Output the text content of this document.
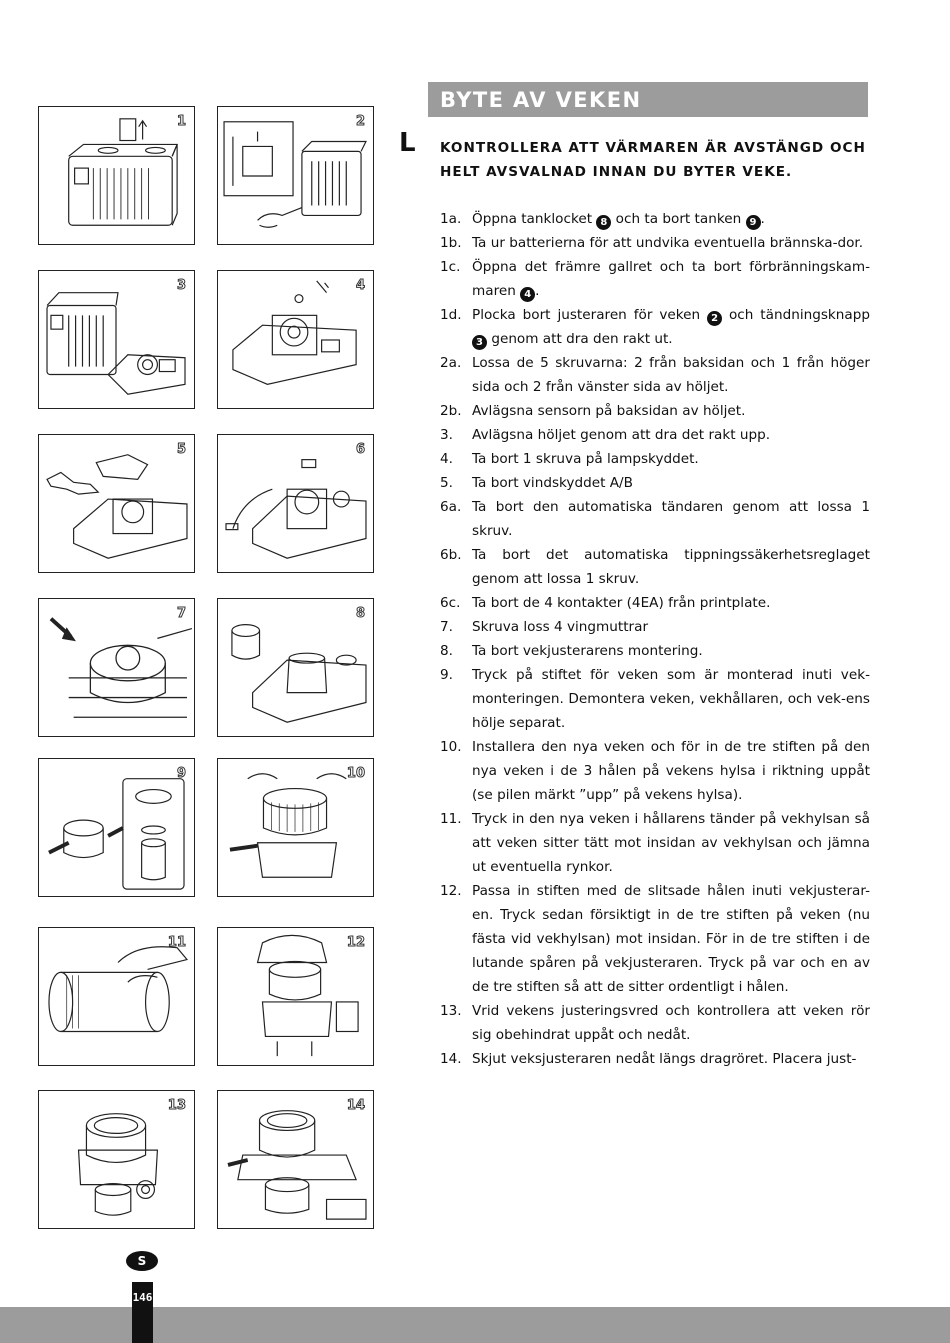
1	2
3	4
5	6
7	8
9	10
11	12
13	14
BYTE AV VEKEN
L KONTROLLERA ATT VÄRMAREN ÄR AVSTÄNGD OCH HELT AVSVALNAD INNAN DU BYTER VEKE.
1a. Öppna tanklocket 8 och ta bort tanken 9 .
1b. Ta ur batterierna för att undvika eventuella brännska-dor.
1c. Öppna det främre gallret och ta bort förbränningskam-maren 4 .
1d. Plocka bort justeraren för veken 2 och tändningsknapp 3 genom att dra den rakt ut.
2a. Lossa de 5 skruvarna: 2 från baksidan och 1 från höger sida och 2 från vänster sida av höljet.
2b. Avlägsna sensorn på baksidan av höljet.
3. Avlägsna höljet genom att dra det rakt upp.
4. Ta bort 1 skruva på lampskyddet.
5. Ta bort vindskyddet A/B
6a. Ta bort den automatiska tändaren genom att lossa 1 skruv.
6b. Ta bort det automatiska tippningssäkerhetsreglaget genom att lossa 1 skruv.
6c. Ta bort de 4 kontakter (4EA) från printplate.
7. Skruva loss 4 vingmuttrar
8. Ta bort vekjusterarens montering.
9. Tryck på stiftet för veken som är monterad inuti vek-monteringen. Demontera veken, vekhållaren, och vek-ens hölje separat.
10. Installera den nya veken och för in de tre stiften på den nya veken i de 3 hålen på vekens hylsa i riktning uppåt (se pilen märkt ”upp” på vekens hylsa).
11. Tryck in den nya veken i hållarens tänder på vekhylsan så att veken sitter tätt mot insidan av vekhylsan och jämna ut eventuella rynkor.
12. Passa in stiften med de slitsade hålen inuti vekjusterar-en. Tryck sedan försiktigt in de tre stiften på veken (nu fästa vid vekhylsan) mot insidan. För in de tre stiften i de lutande spåren på vekjusteraren. Tryck på var och en av de tre stiften så att de sitter ordentligt i hålen.
13. Vrid vekens justeringsvred och kontrollera att veken rör sig obehindrat uppåt och nedåt.
14. Skjut veksjusteraren nedåt längs dragröret. Placera just-
S
146
